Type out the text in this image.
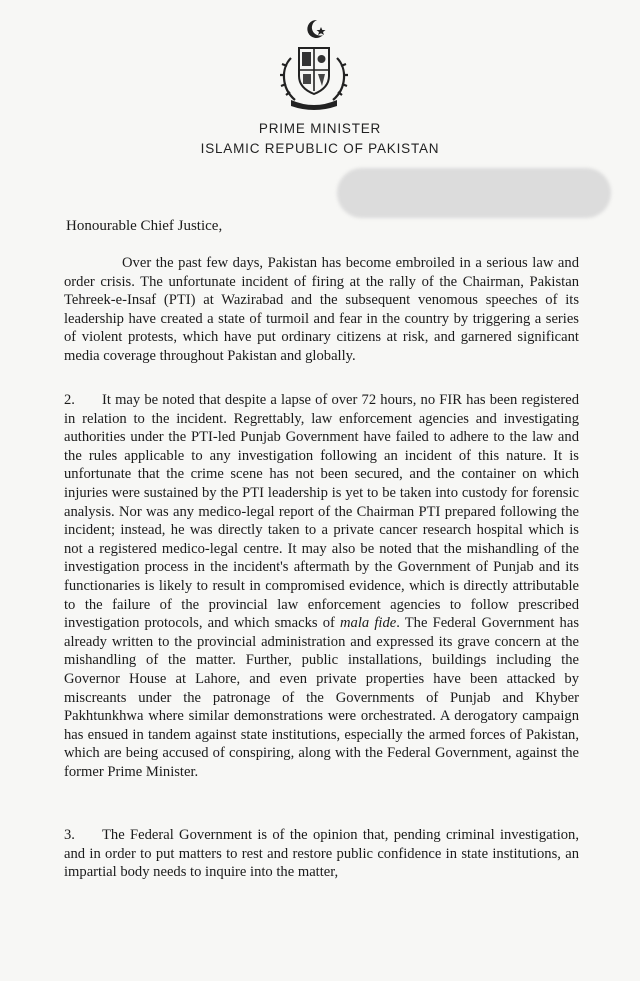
PRIME MINISTER
ISLAMIC REPUBLIC OF PAKISTAN
Honourable Chief Justice,

Over the past few days, Pakistan has become embroiled in a serious law and order crisis. The unfortunate incident of firing at the rally of the Chairman, Pakistan Tehreek-e-Insaf (PTI) at Wazirabad and the subsequent venomous speeches of its leadership have created a state of turmoil and fear in the country by triggering a series of violent protests, which have put ordinary citizens at risk, and garnered significant media coverage throughout Pakistan and globally.

2. It may be noted that despite a lapse of over 72 hours, no FIR has been registered in relation to the incident. Regrettably, law enforcement agencies and investigating authorities under the PTI-led Punjab Government have failed to adhere to the law and the rules applicable to any investigation following an incident of this nature. It is unfortunate that the crime scene has not been secured, and the container on which injuries were sustained by the PTI leadership is yet to be taken into custody for forensic analysis. Nor was any medico-legal report of the Chairman PTI prepared following the incident; instead, he was directly taken to a private cancer research hospital which is not a registered medico-legal centre. It may also be noted that the mishandling of the investigation process in the incident's aftermath by the Government of Punjab and its functionaries is likely to result in compromised evidence, which is directly attributable to the failure of the provincial law enforcement agencies to follow prescribed investigation protocols, and which smacks of mala fide. The Federal Government has already written to the provincial administration and expressed its grave concern at the mishandling of the matter. Further, public installations, buildings including the Governor House at Lahore, and even private properties have been attacked by miscreants under the patronage of the Governments of Punjab and Khyber Pakhtunkhwa where similar demonstrations were orchestrated. A derogatory campaign has ensued in tandem against state institutions, especially the armed forces of Pakistan, which are being accused of conspiring, along with the Federal Government, against the former Prime Minister.

3. The Federal Government is of the opinion that, pending criminal investigation, and in order to put matters to rest and restore public confidence in state institutions, an impartial body needs to inquire into the matter,
